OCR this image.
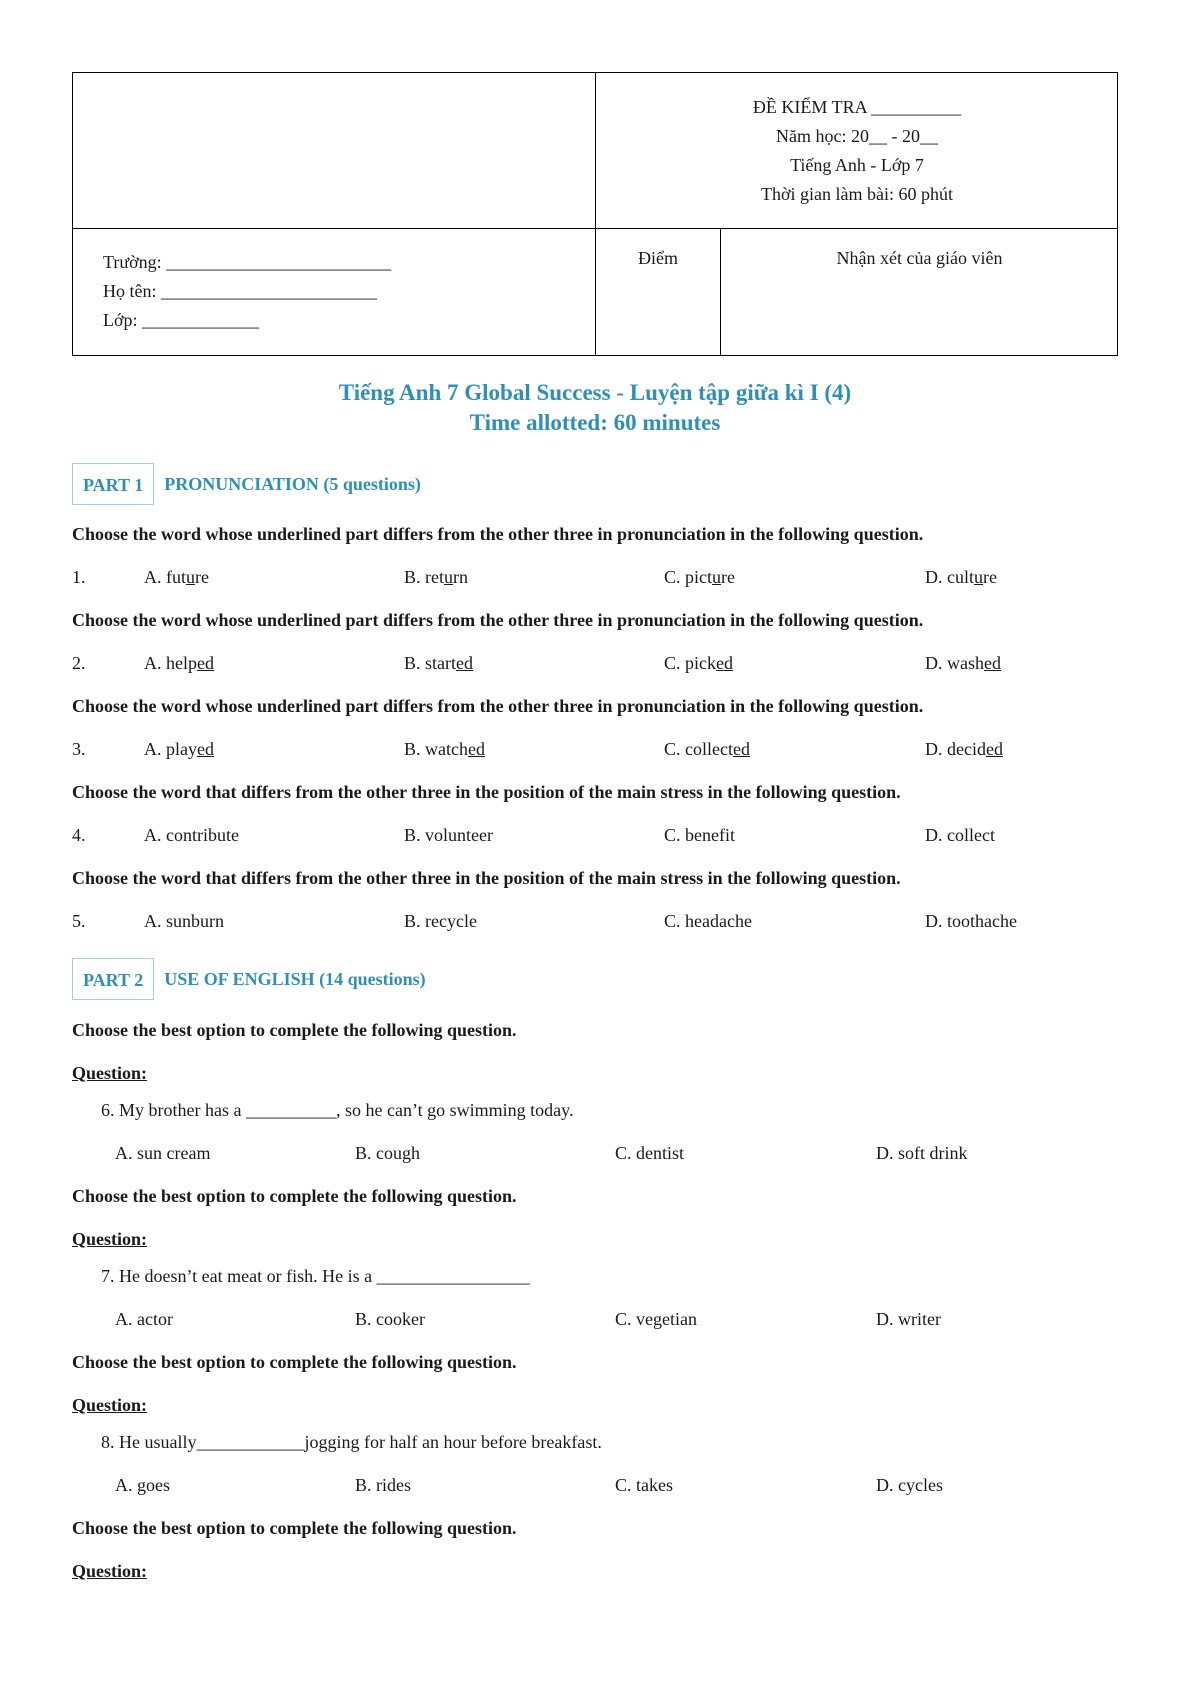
ĐỀ KIỂM TRA __________
Năm học: 20__ - 20__
Tiếng Anh - Lớp 7
Thời gian làm bài: 60 phút
Trường: _________________________
Họ tên: ________________________
Lớp: _____________
Điểm	Nhận xét của giáo viên
Tiếng Anh 7 Global Success - Luyện tập giữa kì I (4)
Time allotted: 60 minutes
PART 1	PRONUNCIATION (5 questions)
Choose the word whose underlined part differs from the other three in pronunciation in the following question.
1.	A. future	B. return	C. picture	D. culture
Choose the word whose underlined part differs from the other three in pronunciation in the following question.
2.	A. helped	B. started	C. picked	D. washed
Choose the word whose underlined part differs from the other three in pronunciation in the following question.
3.	A. played	B. watched	C. collected	D. decided
Choose the word that differs from the other three in the position of the main stress in the following question.
4.	A. contribute	B. volunteer	C. benefit	D. collect
Choose the word that differs from the other three in the position of the main stress in the following question.
5.	A. sunburn	B. recycle	C. headache	D. toothache
PART 2	USE OF ENGLISH (14 questions)
Choose the best option to complete the following question.
Question:
6. My brother has a __________, so he can’t go swimming today.
A. sun cream	B. cough	C. dentist	D. soft drink
Choose the best option to complete the following question.
Question:
7. He doesn’t eat meat or fish. He is a _________________
A. actor	B. cooker	C. vegetian	D. writer
Choose the best option to complete the following question.
Question:
8. He usually____________jogging for half an hour before breakfast.
A. goes	B. rides	C. takes	D. cycles
Choose the best option to complete the following question.
Question:
